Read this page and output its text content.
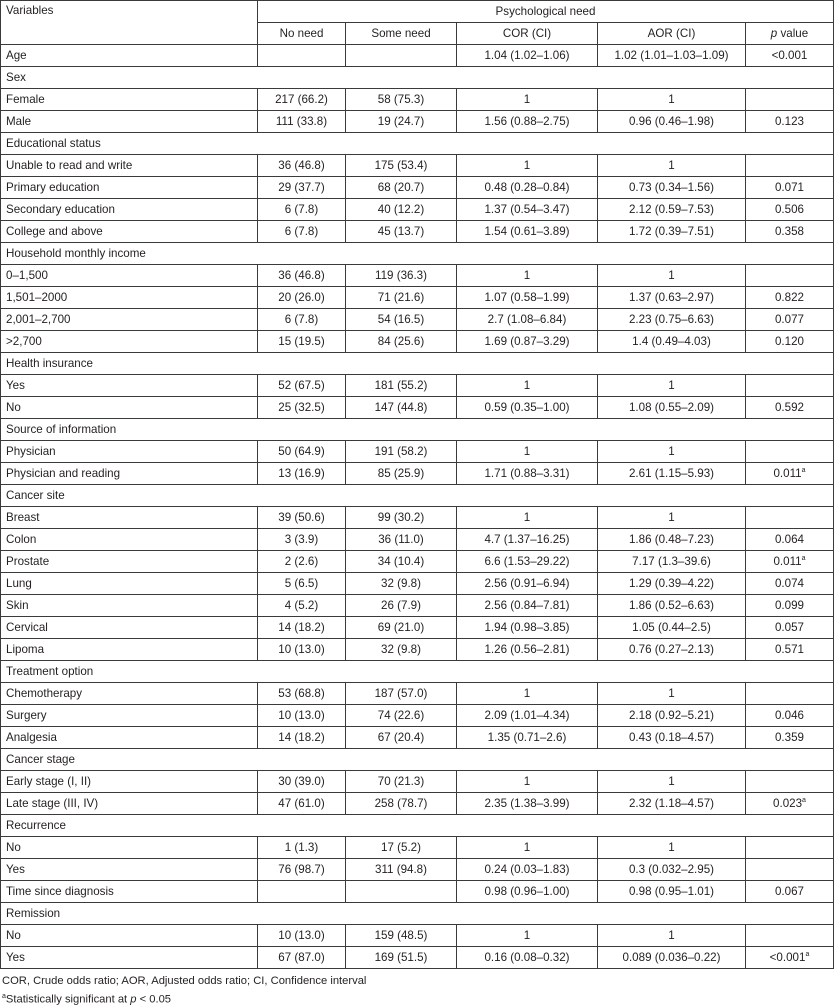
Variables	Psychological need				
	No need	Some need	COR (CI)	AOR (CI)	p value
Age			1.04 (1.02–1.06)	1.02 (1.01–1.03–1.09)	<0.001
Sex					
Female	217 (66.2)	58 (75.3)	1	1	
Male	111 (33.8)	19 (24.7)	1.56 (0.88–2.75)	0.96 (0.46–1.98)	0.123
Educational status					
Unable to read and write	36 (46.8)	175 (53.4)	1	1	
Primary education	29 (37.7)	68 (20.7)	0.48 (0.28–0.84)	0.73 (0.34–1.56)	0.071
Secondary education	6 (7.8)	40 (12.2)	1.37 (0.54–3.47)	2.12 (0.59–7.53)	0.506
College and above	6 (7.8)	45 (13.7)	1.54 (0.61–3.89)	1.72 (0.39–7.51)	0.358
Household monthly income					
0–1,500	36 (46.8)	119 (36.3)	1	1	
1,501–2000	20 (26.0)	71 (21.6)	1.07 (0.58–1.99)	1.37 (0.63–2.97)	0.822
2,001–2,700	6 (7.8)	54 (16.5)	2.7 (1.08–6.84)	2.23 (0.75–6.63)	0.077
>2,700	15 (19.5)	84 (25.6)	1.69 (0.87–3.29)	1.4 (0.49–4.03)	0.120
Health insurance					
Yes	52 (67.5)	181 (55.2)	1	1	
No	25 (32.5)	147 (44.8)	0.59 (0.35–1.00)	1.08 (0.55–2.09)	0.592
Source of information					
Physician	50 (64.9)	191 (58.2)	1	1	
Physician and reading	13 (16.9)	85 (25.9)	1.71 (0.88–3.31)	2.61 (1.15–5.93)	0.011$^a$
Cancer site					
Breast	39 (50.6)	99 (30.2)	1	1	
Colon	3 (3.9)	36 (11.0)	4.7 (1.37–16.25)	1.86 (0.48–7.23)	0.064
Prostate	2 (2.6)	34 (10.4)	6.6 (1.53–29.22)	7.17 (1.3–39.6)	0.011$^a$
Lung	5 (6.5)	32 (9.8)	2.56 (0.91–6.94)	1.29 (0.39–4.22)	0.074
Skin	4 (5.2)	26 (7.9)	2.56 (0.84–7.81)	1.86 (0.52–6.63)	0.099
Cervical	14 (18.2)	69 (21.0)	1.94 (0.98–3.85)	1.05 (0.44–2.5)	0.057
Lipoma	10 (13.0)	32 (9.8)	1.26 (0.56–2.81)	0.76 (0.27–2.13)	0.571
Treatment option					
Chemotherapy	53 (68.8)	187 (57.0)	1	1	
Surgery	10 (13.0)	74 (22.6)	2.09 (1.01–4.34)	2.18 (0.92–5.21)	0.046
Analgesia	14 (18.2)	67 (20.4)	1.35 (0.71–2.6)	0.43 (0.18–4.57)	0.359
Cancer stage					
Early stage (I, II)	30 (39.0)	70 (21.3)	1	1	
Late stage (III, IV)	47 (61.0)	258 (78.7)	2.35 (1.38–3.99)	2.32 (1.18–4.57)	0.023$^a$
Recurrence					
No	1 (1.3)	17 (5.2)	1	1	
Yes	76 (98.7)	311 (94.8)	0.24 (0.03–1.83)	0.3 (0.032–2.95)	
Time since diagnosis			0.98 (0.96–1.00)	0.98 (0.95–1.01)	0.067
Remission					
No	10 (13.0)	159 (48.5)	1	1	
Yes	67 (87.0)	169 (51.5)	0.16 (0.08–0.32)	0.089 (0.036–0.22)	<0.001$^a$
COR, Crude odds ratio; AOR, Adjusted odds ratio; CI, Confidence interval
$^a$Statistically significant at p < 0.05
